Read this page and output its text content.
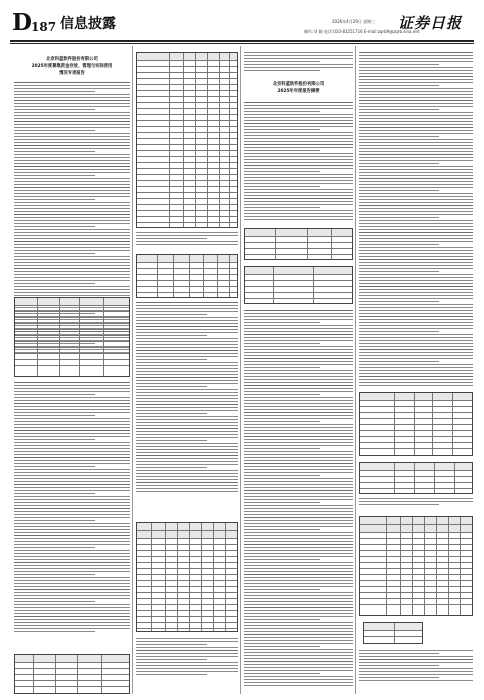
D 187 信息披露	2026年4月29日 星期三
制作:刘 颖 电话:010-83251716 E-mail:zqrb9@zqrb.sina.net
证券日报
北京科蓝软件股份有限公司
2025年度募集资金存放、管理与实际使用
情况专项报告
北京科蓝软件股份有限公司
2025年年度报告摘要
